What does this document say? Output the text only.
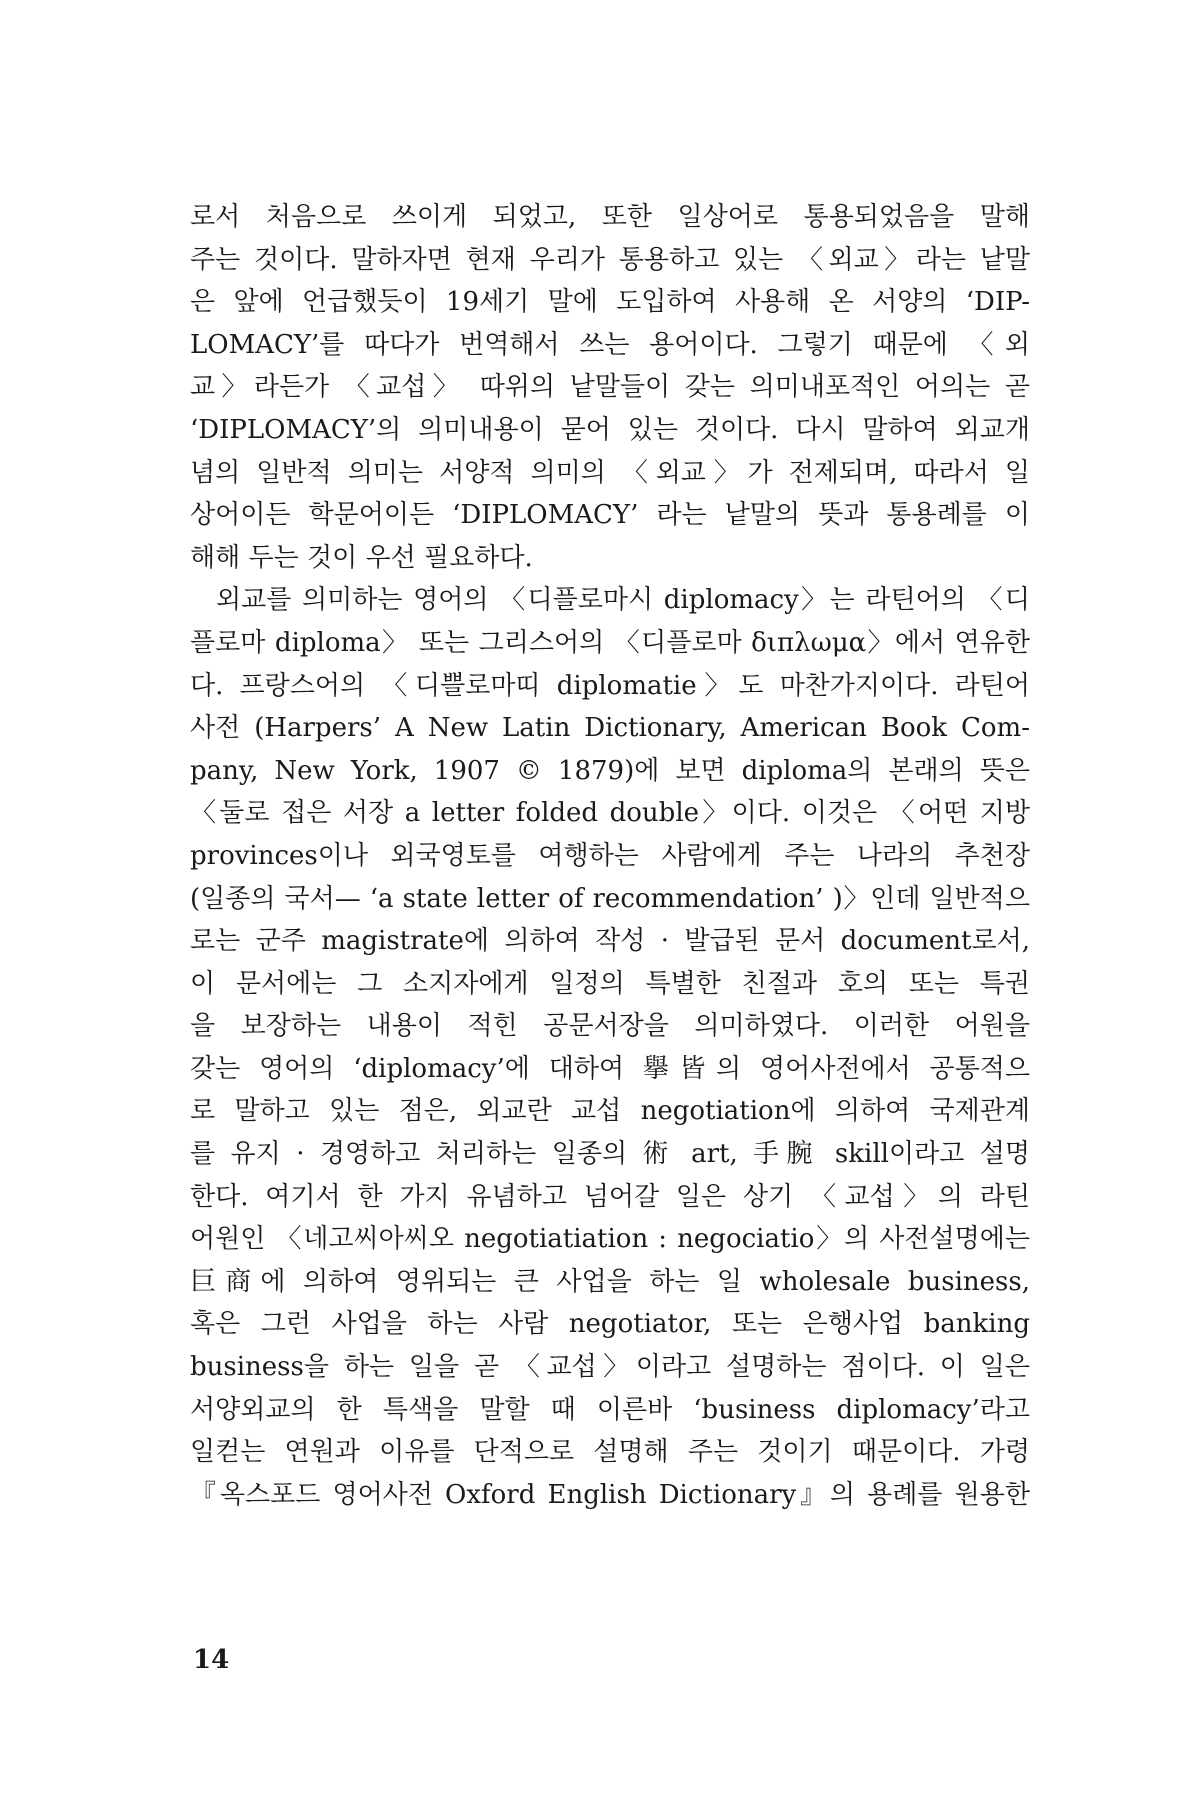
로서 처음으로 쓰이게 되었고, 또한 일상어로 통용되었음을 말해
주는 것이다. 말하자면 현재 우리가 통용하고 있는 〈외교〉라는 낱말
은 앞에 언급했듯이 19세기 말에 도입하여 사용해 온 서양의 ‘DIP-
LOMACY’를 따다가 번역해서 쓰는 용어이다. 그렇기 때문에 〈외
교〉라든가 〈교섭〉 따위의 낱말들이 갖는 의미내포적인 어의는 곧
‘DIPLOMACY’의 의미내용이 묻어 있는 것이다. 다시 말하여 외교개
념의 일반적 의미는 서양적 의미의 〈외교〉가 전제되며, 따라서 일
상어이든 학문어이든 ‘DIPLOMACY’ 라는 낱말의 뜻과 통용례를 이
해해 두는 것이 우선 필요하다.
외교를 의미하는 영어의 〈디플로마시 diplomacy〉는 라틴어의 〈디
플로마 diploma〉 또는 그리스어의 〈디플로마 διπλωμα〉에서 연유한
다. 프랑스어의 〈디쁠로마띠 diplomatie〉도 마찬가지이다. 라틴어
사전 (Harpers’ A New Latin Dictionary, American Book Com-
pany, New York, 1907 © 1879)에 보면 diploma의 본래의 뜻은
〈둘로 접은 서장 a letter folded double〉이다. 이것은 〈어떤 지방
provinces이나 외국영토를 여행하는 사람에게 주는 나라의 추천장
(일종의 국서— ‘a state letter of recommendation’ )〉인데 일반적으
로는 군주 magistrate에 의하여 작성 · 발급된 문서 document로서,
이 문서에는 그 소지자에게 일정의 특별한 친절과 호의 또는 특권
을 보장하는 내용이 적힌 공문서장을 의미하였다. 이러한 어원을
갖는 영어의 ‘diplomacy’에 대하여 擧皆의 영어사전에서 공통적으
로 말하고 있는 점은, 외교란 교섭 negotiation에 의하여 국제관계
를 유지 · 경영하고 처리하는 일종의 術 art, 手腕 skill이라고 설명
한다. 여기서 한 가지 유념하고 넘어갈 일은 상기 〈교섭〉의 라틴
어원인 〈네고씨아씨오 negotiatiation : negociatio〉의 사전설명에는
巨商에 의하여 영위되는 큰 사업을 하는 일 wholesale business,
혹은 그런 사업을 하는 사람 negotiator, 또는 은행사업 banking
business을 하는 일을 곧 〈교섭〉이라고 설명하는 점이다. 이 일은
서양외교의 한 특색을 말할 때 이른바 ‘business diplomacy’라고
일컫는 연원과 이유를 단적으로 설명해 주는 것이기 때문이다. 가령
『옥스포드 영어사전 Oxford English Dictionary』의 용례를 원용한

14
